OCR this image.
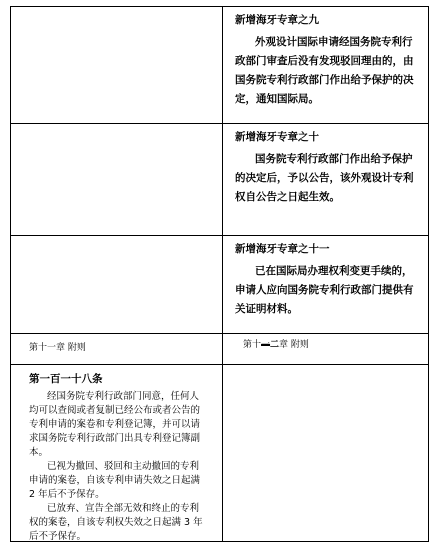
新增海牙专章之九

外观设计国际申请经国务院专利行政部门审查后没有发现驳回理由的，由国务院专利行政部门作出给予保护的决定，通知国际局。

新增海牙专章之十

国务院专利行政部门作出给予保护的决定后，予以公告，该外观设计专利权自公告之日起生效。

新增海牙专章之十一

已在国际局办理权利变更手续的，申请人应向国务院专利行政部门提供有关证明材料。

第十一章 附则	第十一二章 附则
第一百一十八条

经国务院专利行政部门同意，任何人均可以查阅或者复制已经公布或者公告的专利申请的案卷和专利登记簿，并可以请求国务院专利行政部门出具专利登记簿副本。

已视为撤回、驳回和主动撤回的专利申请的案卷，自该专利申请失效之日起满 2 年后不予保存。

已放弃、宣告全部无效和终止的专利权的案卷，自该专利权失效之日起满 3 年后不予保存。
